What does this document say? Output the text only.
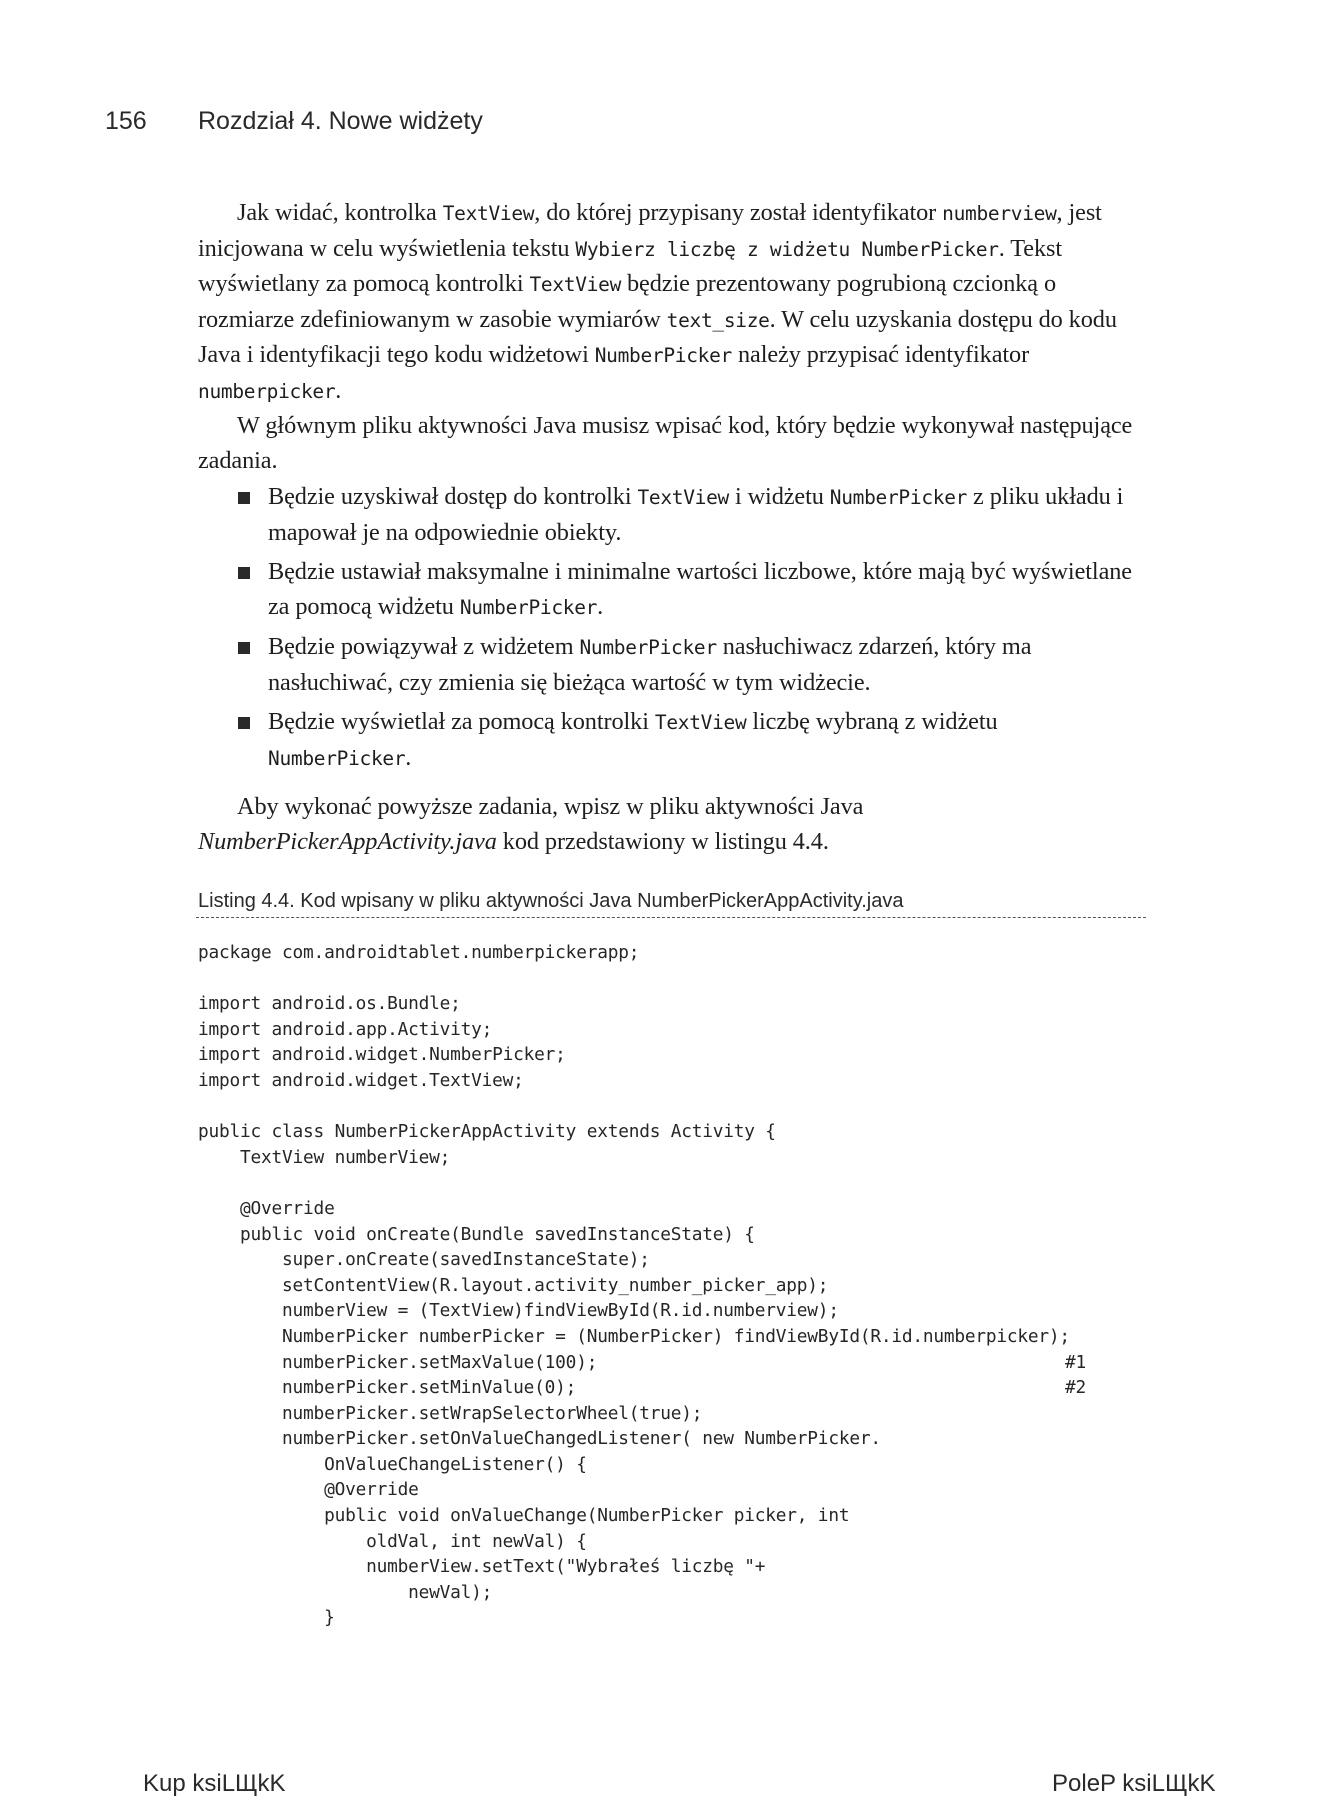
156 Rozdział 4. Nowe widżety

Jak widać, kontrolka TextView, do której przypisany został identyfikator numberview, jest inicjowana w celu wyświetlenia tekstu Wybierz liczbę z widżetu NumberPicker. Tekst wyświetlany za pomocą kontrolki TextView będzie prezentowany pogrubioną czcionką o rozmiarze zdefiniowanym w zasobie wymiarów text_size. W celu uzyskania dostępu do kodu Java i identyfikacji tego kodu widżetowi NumberPicker należy przypisać identyfikator numberpicker.

W głównym pliku aktywności Java musisz wpisać kod, który będzie wykonywał następujące zadania.

Będzie uzyskiwał dostęp do kontrolki TextView i widżetu NumberPicker z pliku układu i mapował je na odpowiednie obiekty.
Będzie ustawiał maksymalne i minimalne wartości liczbowe, które mają być wyświetlane za pomocą widżetu NumberPicker.
Będzie powiązywał z widżetem NumberPicker nasłuchiwacz zdarzeń, który ma nasłuchiwać, czy zmienia się bieżąca wartość w tym widżecie.
Będzie wyświetlał za pomocą kontrolki TextView liczbę wybraną z widżetu NumberPicker.

Aby wykonać powyższe zadania, wpisz w pliku aktywności Java NumberPickerAppActivity.java kod przedstawiony w listingu 4.4.

Listing 4.4. Kod wpisany w pliku aktywności Java NumberPickerAppActivity.java
package com.androidtablet.numberpickerapp;
import android.os.Bundle;
import android.app.Activity;
import android.widget.NumberPicker;
import android.widget.TextView;
public class NumberPickerAppActivity extends Activity {
TextView numberView;
@Override
public void onCreate(Bundle savedInstanceState) {
super.onCreate(savedInstanceState);
setContentView(R.layout.activity_number_picker_app);
numberView = (TextView)findViewById(R.id.numberview);
NumberPicker numberPicker = (NumberPicker) findViewById(R.id.numberpicker);
numberPicker.setMaxValue(100);	#1
numberPicker.setMinValue(0);	#2
numberPicker.setWrapSelectorWheel(true);
numberPicker.setOnValueChangedListener( new NumberPicker.
OnValueChangeListener() {
@Override
public void onValueChange(NumberPicker picker, int
oldVal, int newVal) {
numberView.setText("Wybrałeś liczbę "+
newVal);
}
Kup ksiLЩkK	PoleP ksiLЩkK
